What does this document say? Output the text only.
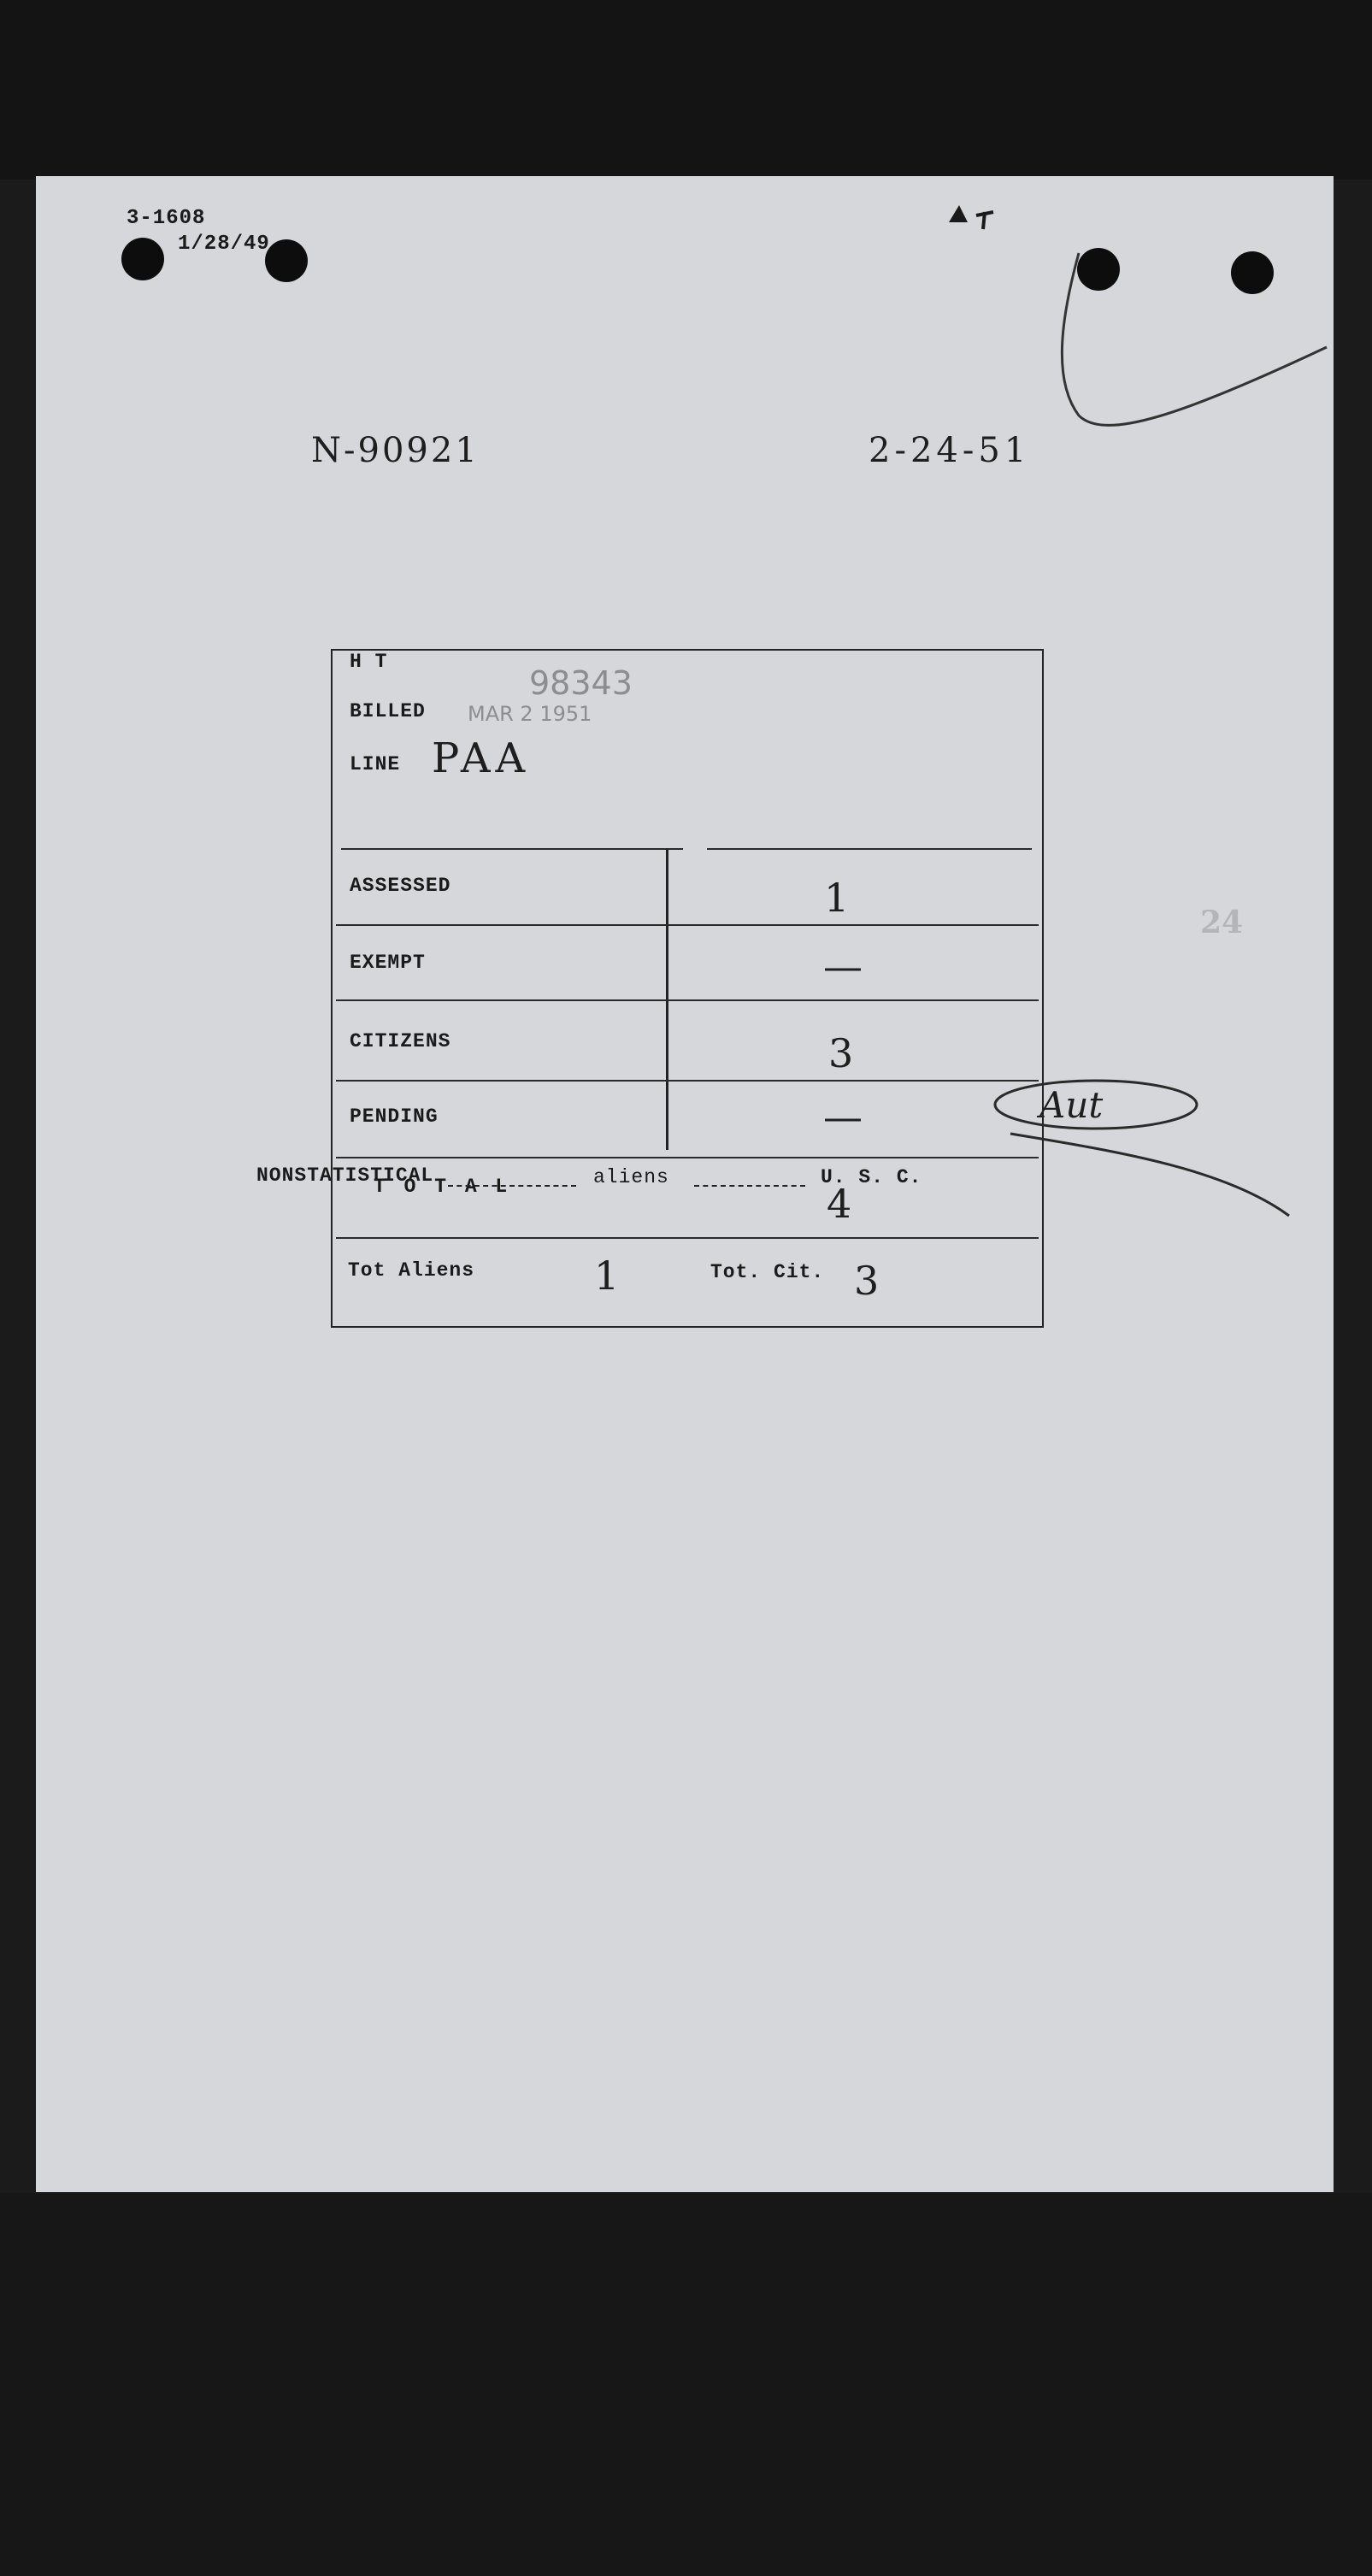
3-1608
1/28/49
N-90921	2-24-51
H T
98343
BILLED MAR 2 1951
LINE PAA
ASSESSED	1
EXEMPT	—
CITIZENS	3
PENDING	—
T O T A L	4
Tot Aliens	1	Tot. Cit. 3
Aut
NONSTATISTICAL	aliens	U. S. C.
24
